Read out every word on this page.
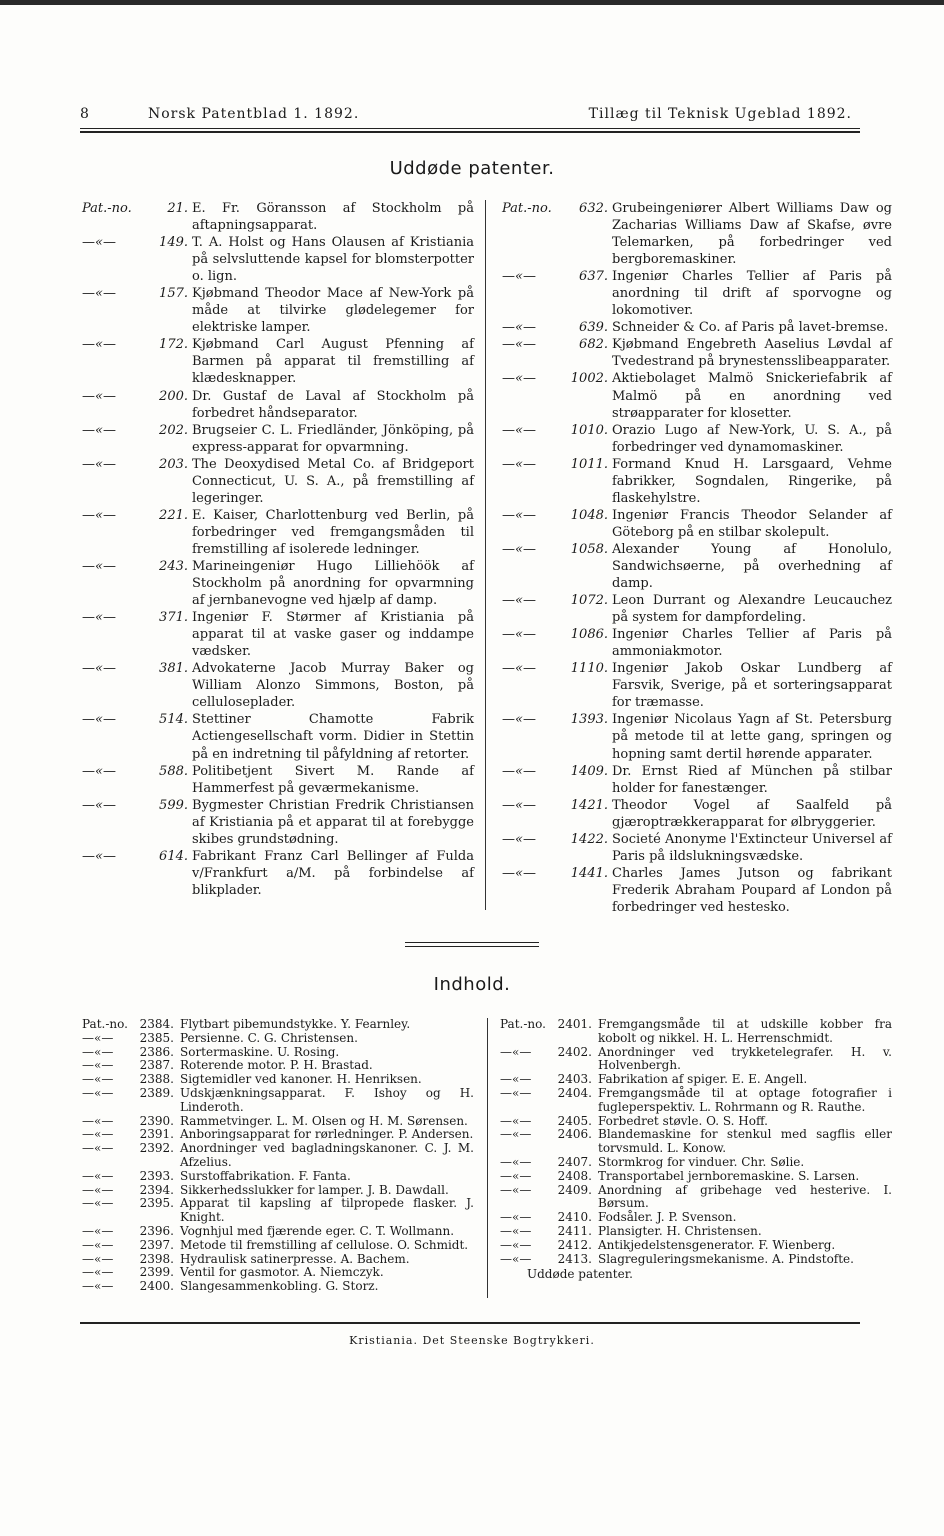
8	Norsk Patentblad 1. 1892.	Tillæg til Teknisk Ugeblad 1892.
Uddøde patenter.
Pat.-no.	21. E. Fr. Göransson af Stockholm på aftapningsapparat.
—«—	149. T. A. Holst og Hans Olausen af Kristiania på selvsluttende kapsel for blomsterpotter o. lign.
—«—	157. Kjøbmand Theodor Mace af New-York på måde at tilvirke glødelegemer for elektriske lamper.
—«—	172. Kjøbmand Carl August Pfenning af Barmen på apparat til fremstilling af klædesknapper.
—«—	200. Dr. Gustaf de Laval af Stockholm på forbedret håndseparator.
—«—	202. Brugseier C. L. Friedländer, Jönköping, på express-apparat for opvarmning.
—«—	203. The Deoxydised Metal Co. af Bridgeport Connecticut, U. S. A., på fremstilling af legeringer.
—«—	221. E. Kaiser, Charlottenburg ved Berlin, på forbedringer ved fremgangsmåden til fremstilling af isolerede ledninger.
—«—	243. Marineingeniør Hugo Lilliehöök af Stockholm på anordning for opvarmning af jernbanevogne ved hjælp af damp.
—«—	371. Ingeniør F. Størmer af Kristiania på apparat til at vaske gaser og inddampe vædsker.
—«—	381. Advokaterne Jacob Murray Baker og William Alonzo Simmons, Boston, på celluloseplader.
—«—	514. Stettiner Chamotte Fabrik Actiengesellschaft vorm. Didier in Stettin på en indretning til påfyldning af retorter.
—«—	588. Politibetjent Sivert M. Rande af Hammerfest på geværmekanisme.
—«—	599. Bygmester Christian Fredrik Christiansen af Kristiania på et apparat til at forebygge skibes grundstødning.
—«—	614. Fabrikant Franz Carl Bellinger af Fulda v/Frankfurt a/M. på forbindelse af blikplader.
Pat.-no.	632. Grubeingeniører Albert Williams Daw og Zacharias Williams Daw af Skafse, øvre Telemarken, på forbedringer ved bergboremaskiner.
—«—	637. Ingeniør Charles Tellier af Paris på anordning til drift af sporvogne og lokomotiver.
—«—	639. Schneider & Co. af Paris på lavet-bremse.
—«—	682. Kjøbmand Engebreth Aaselius Løvdal af Tvedestrand på brynestensslibeapparater.
—«—	1002. Aktiebolaget Malmö Snickeriefabrik af Malmö på en anordning ved strøapparater for klosetter.
—«—	1010. Orazio Lugo af New-York, U. S. A., på forbedringer ved dynamomaskiner.
—«—	1011. Formand Knud H. Larsgaard, Vehme fabrikker, Sogndalen, Ringerike, på flaskehylstre.
—«—	1048. Ingeniør Francis Theodor Selander af Göteborg på en stilbar skolepult.
—«—	1058. Alexander Young af Honolulo, Sandwichsøerne, på overhedning af damp.
—«—	1072. Leon Durrant og Alexandre Leucauchez på system for dampfordeling.
—«—	1086. Ingeniør Charles Tellier af Paris på ammoniakmotor.
—«—	1110. Ingeniør Jakob Oskar Lundberg af Farsvik, Sverige, på et sorteringsapparat for træmasse.
—«—	1393. Ingeniør Nicolaus Yagn af St. Petersburg på metode til at lette gang, springen og hopning samt dertil hørende apparater.
—«—	1409. Dr. Ernst Ried af München på stilbar holder for fanestænger.
—«—	1421. Theodor Vogel af Saalfeld på gjæroptrækkerapparat for ølbryggerier.
—«—	1422. Societé Anonyme l'Extincteur Universel af Paris på ildslukningsvædske.
—«—	1441. Charles James Jutson og fabrikant Frederik Abraham Poupard af London på forbedringer ved hestesko.
Indhold.
Pat.-no. 2384. Flytbart pibemundstykke. Y. Fearnley.
—«—	2385. Persienne. C. G. Christensen.
—«—	2386. Sortermaskine. U. Rosing.
—«—	2387. Roterende motor. P. H. Brastad.
—«—	2388. Sigtemidler ved kanoner. H. Henriksen.
—«—	2389. Udskjænkningsapparat. F. Ishoy og H. Linderoth.
—«—	2390. Rammetvinger. L. M. Olsen og H. M. Sørensen.
—«—	2391. Anboringsapparat for rørledninger. P. Andersen.
—«—	2392. Anordninger ved bagladningskanoner. C. J. M. Afzelius.
—«—	2393. Surstoffabrikation. F. Fanta.
—«—	2394. Sikkerhedsslukker for lamper. J. B. Dawdall.
—«—	2395. Apparat til kapsling af tilpropede flasker. J. Knight.
—«—	2396. Vognhjul med fjærende eger. C. T. Wollmann.
—«—	2397. Metode til fremstilling af cellulose. O. Schmidt.
—«—	2398. Hydraulisk satinerpresse. A. Bachem.
—«—	2399. Ventil for gasmotor. A. Niemczyk.
—«—	2400. Slangesammenkobling. G. Storz.
Pat.-no. 2401. Fremgangsmåde til at udskille kobber fra kobolt og nikkel. H. L. Herrenschmidt.
—«—	2402. Anordninger ved trykketelegrafer. H. v. Holvenbergh.
—«—	2403. Fabrikation af spiger. E. E. Angell.
—«—	2404. Fremgangsmåde til at optage fotografier i fugleperspektiv. L. Rohrmann og R. Rauthe.
—«—	2405. Forbedret støvle. O. S. Hoff.
—«—	2406. Blandemaskine for stenkul med sagflis eller torvsmuld. L. Konow.
—«—	2407. Stormkrog for vinduer. Chr. Sølie.
—«—	2408. Transportabel jernboremaskine. S. Larsen.
—«—	2409. Anordning af gribehage ved hesterive. I. Børsum.
—«—	2410. Fodsåler. J. P. Svenson.
—«—	2411. Plansigter. H. Christensen.
—«—	2412. Antikjedelstensgenerator. F. Wienberg.
—«—	2413. Slagreguleringsmekanisme. A. Pindstofte.
Uddøde patenter.
Kristiania. Det Steenske Bogtrykkeri.
